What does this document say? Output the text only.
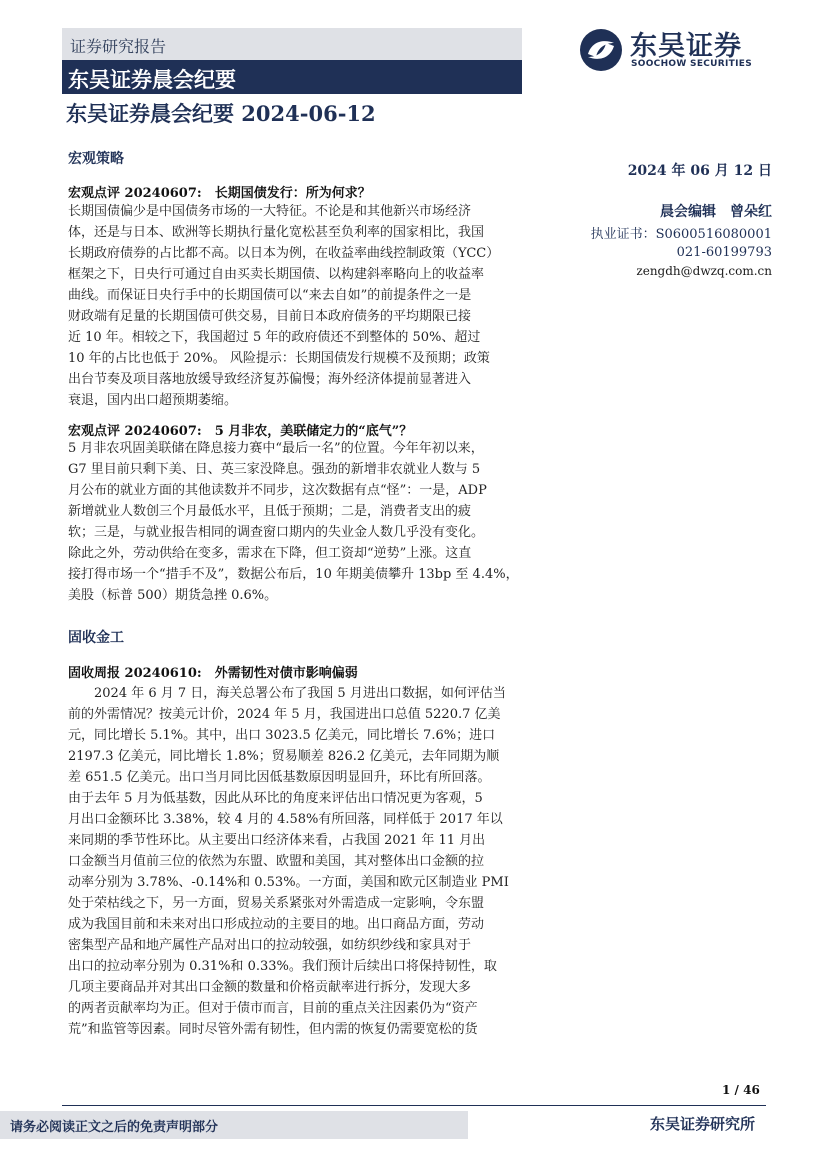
证券研究报告
东吴证券晨会纪要
东吴证券
SOOCHOW SECURITIES
东吴证券晨会纪要 2024-06-12
2024 年 06 月 12 日
晨会编辑　曾朵红
执业证书：S0600516080001
021-60199793
zengdh@dwzq.com.cn
宏观策略
宏观点评 20240607:　长期国债发行：所为何求？

长期国债偏少是中国债务市场的一大特征。不论是和其他新兴市场经济

体，还是与日本、欧洲等长期执行量化宽松甚至负利率的国家相比，我国

长期政府债券的占比都不高。以日本为例，在收益率曲线控制政策（YCC）

框架之下，日央行可通过自由买卖长期国债、以构建斜率略向上的收益率

曲线。而保证日央行手中的长期国债可以“来去自如”的前提条件之一是

财政端有足量的长期国债可供交易，目前日本政府债务的平均期限已接

近 10 年。相较之下，我国超过 5 年的政府债还不到整体的 50%、超过

10 年的占比也低于 20%。 风险提示：长期国债发行规模不及预期；政策

出台节奏及项目落地放缓导致经济复苏偏慢；海外经济体提前显著进入

衰退，国内出口超预期萎缩。

宏观点评 20240607:　5 月非农，美联储定力的“底气”？

5 月非农巩固美联储在降息接力赛中“最后一名”的位置。今年年初以来，

G7 里目前只剩下美、日、英三家没降息。强劲的新增非农就业人数与 5

月公布的就业方面的其他读数并不同步，这次数据有点“怪”：一是，ADP

新增就业人数创三个月最低水平，且低于预期；二是，消费者支出的疲

软；三是，与就业报告相同的调查窗口期内的失业金人数几乎没有变化。

除此之外，劳动供给在变多，需求在下降，但工资却“逆势”上涨。这直

接打得市场一个“措手不及”，数据公布后，10 年期美债攀升 13bp 至 4.4%，

美股（标普 500）期货急挫 0.6%。

固收金工
固收周报 20240610:　外需韧性对债市影响偏弱

　　2024 年 6 月 7 日，海关总署公布了我国 5 月进出口数据，如何评估当

前的外需情况？按美元计价，2024 年 5 月，我国进出口总值 5220.7 亿美

元，同比增长 5.1%。其中，出口 3023.5 亿美元，同比增长 7.6%；进口

2197.3 亿美元，同比增长 1.8%；贸易顺差 826.2 亿美元，去年同期为顺

差 651.5 亿美元。出口当月同比因低基数原因明显回升，环比有所回落。

由于去年 5 月为低基数，因此从环比的角度来评估出口情况更为客观，5

月出口金额环比 3.38%，较 4 月的 4.58%有所回落，同样低于 2017 年以

来同期的季节性环比。从主要出口经济体来看，占我国 2021 年 11 月出

口金额当月值前三位的依然为东盟、欧盟和美国，其对整体出口金额的拉

动率分别为 3.78%、-0.14%和 0.53%。一方面，美国和欧元区制造业 PMI

处于荣枯线之下，另一方面，贸易关系紧张对外需造成一定影响，令东盟

成为我国目前和未来对出口形成拉动的主要目的地。出口商品方面，劳动

密集型产品和地产属性产品对出口的拉动较强，如纺织纱线和家具对于

出口的拉动率分别为 0.31%和 0.33%。我们预计后续出口将保持韧性，取

几项主要商品并对其出口金额的数量和价格贡献率进行拆分，发现大多

的两者贡献率均为正。但对于债市而言，目前的重点关注因素仍为“资产

荒”和监管等因素。同时尽管外需有韧性，但内需的恢复仍需要宽松的货

1 / 46
请务必阅读正文之后的免责声明部分	东吴证券研究所
